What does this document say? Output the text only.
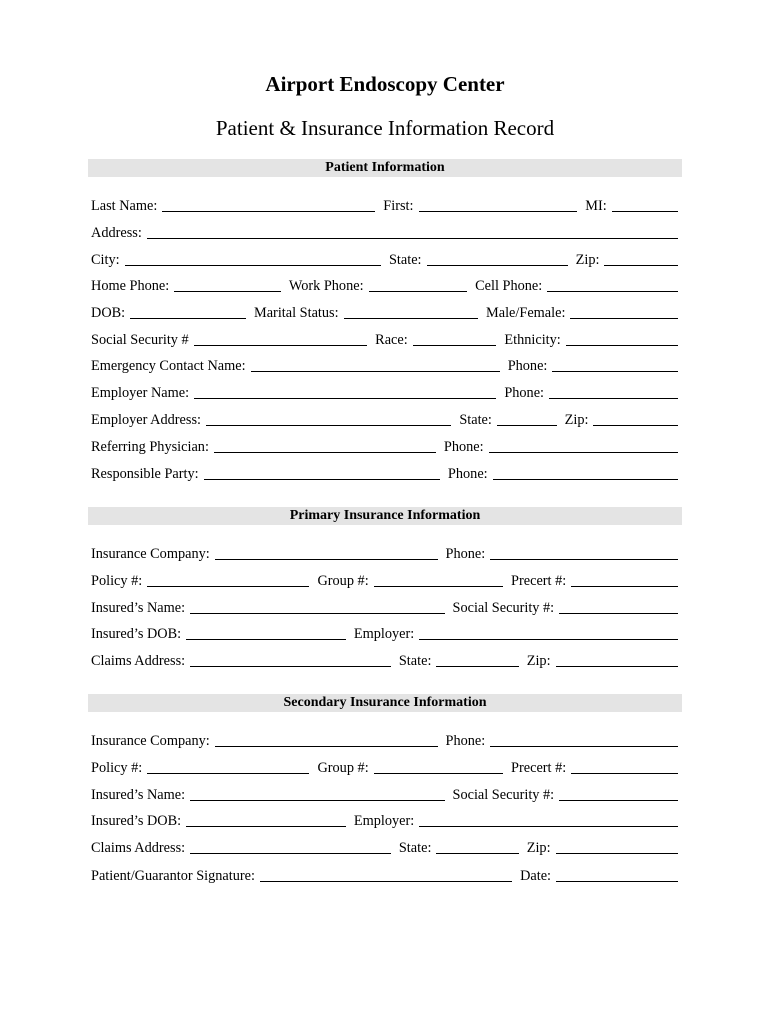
Airport Endoscopy Center
Patient & Insurance Information Record
Patient Information
Last Name:	First:	MI:
Address:
City:	State:	Zip:
Home Phone:	Work Phone:	Cell Phone:
DOB:	Marital Status:	Male/Female:
Social Security #	Race:	Ethnicity:
Emergency Contact Name:	Phone:
Employer Name:	Phone:
Employer Address:	State:	Zip:
Referring Physician:	Phone:
Responsible Party:	Phone:
Primary Insurance Information
Insurance Company:	Phone:
Policy #:	Group #:	Precert #:
Insured’s Name:	Social Security #:
Insured’s DOB:	Employer:
Claims Address:	State:	Zip:
Secondary Insurance Information
Insurance Company:	Phone:
Policy #:	Group #:	Precert #:
Insured’s Name:	Social Security #:
Insured’s DOB:	Employer:
Claims Address:	State:	Zip:
Patient/Guarantor Signature:	Date:
